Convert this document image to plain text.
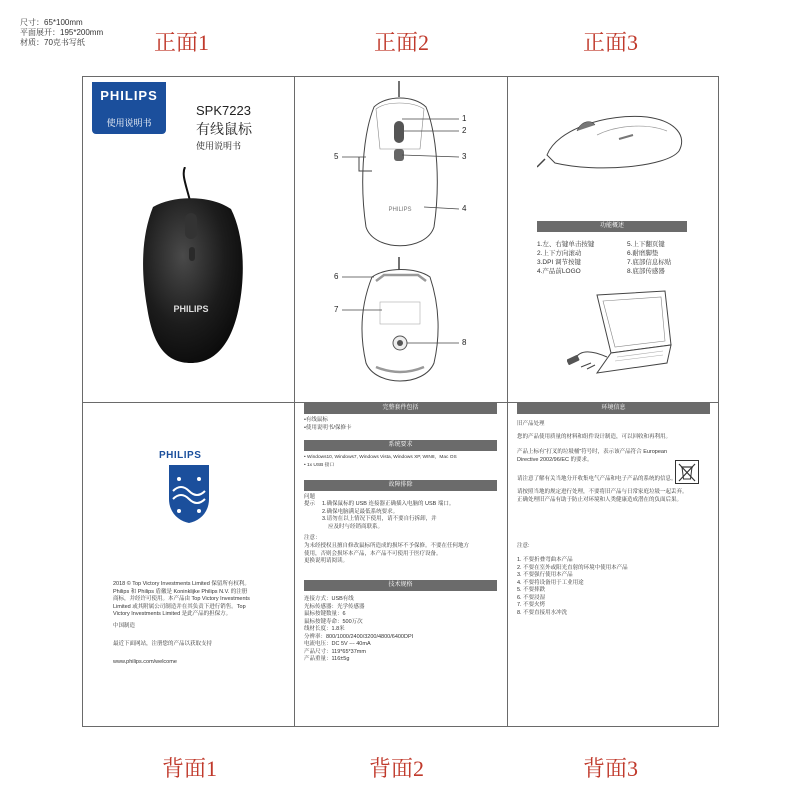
尺寸：65*100mm
平面展开：195*200mm
材质：70克书写纸	正面1	正面2	正面3
背面1	背面2	背面3
PHILIPS
使用说明书
SPK7223
有线鼠标
使用说明书
PHILIPS
PHILIPS
1
2
3
4
5
6
7
8
功能概述
1.左、右键单击按键
2.上下方向滚动
3.DPI 调节按键
4.产品前LOGO
5.上下翻页键
6.耐磨脚垫
7.底部信息标贴
8.底部传感器
PHILIPS
2018 © Top Victory Investments Limited 保留所有权利。
Philips 和 Philips 盾徽是 Koninklijke Philips N.V. 的注册
商标，并经许可使用。本产品由 Top Victory Investments
Limited 或其附属公司制造并在其负责下进行销售。Top
Victory Investments Limited 是此产品的担保方。
中国制造
最近下面网站，注册您的产品以获取支持
www.philips.com/welcome
完整套件包括
•有线鼠标
•使用说明书/保修卡
系统要求
• Windows10, Windows7, Windows Vista, Windows XP, WIN8，Mac OS
• 1x USB 接口
故障排除
问题
提示 1.确保鼠标的 USB 连接器正确插入电脑的 USB 端口。
2.确保电脑满足最低系统要求。
3.请勿在以上情况下使用，请不要自行拆卸，并
应及时与经销商联系。
注意：
为未经授权且擅自修改鼠标所造成的损坏不予保修。不要在任何地方
使用，否则会损坏本产品，本产品不可使用于医疗设备。
更换说明请阅读。
技术规格
连接方式：USB有线
光标传感器：光学传感器
鼠标按键数量：6
鼠标按键寿命：500万次
线材长度：1.8米
分辨率：800/1000/2400/3200/4800/6400DPI
电流电压：DC 5V --- 40mA
产品尺寸：119*65*37mm
产品重量：116±5g
环境信息
旧产品处理
您的产品使用质量的材料和组件设计制造，可以回收和再利用。
产品上标有“打叉的垃圾桶”符号时，表示该产品符合 European
Directive 2002/96/EC 的要求。
请注意了解有关当地分开收集电气产品和电子产品的系统的信息。
请按照当地的规定进行处理，不要将旧产品与日常家庭垃圾一起丢弃。
正确处理旧产品有助于防止对环境和人类健康造成潜在的负面后果。
注意:
1. 不要折叠弯曲本产品
2. 不要在室外或阳光直射的环境中使用本产品
3. 不要强行使用本产品
4. 不要将设备用于工业用途
5. 不要摔跌
6. 不要浸湿
7. 不要火烤
8. 不要直接用水冲洗
